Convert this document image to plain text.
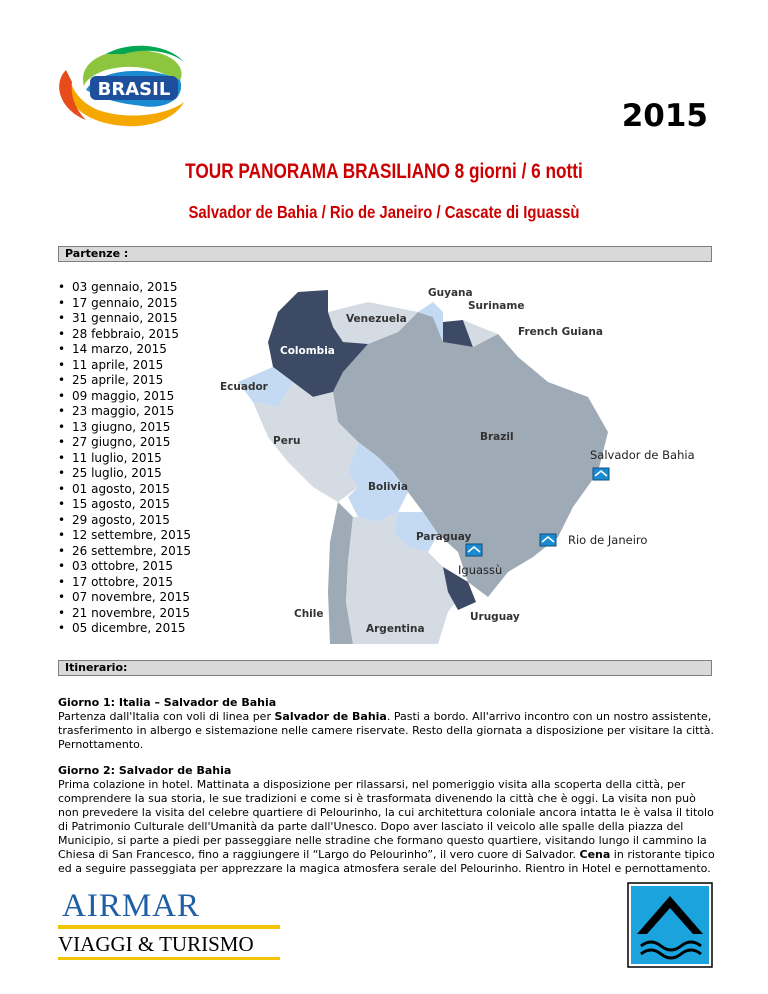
BRASIL
2015
TOUR PANORAMA BRASILIANO 8 giorni / 6 notti
Salvador de Bahia / Rio de Janeiro / Cascate di Iguassù
Partenze :
• 03 gennaio, 2015
• 17 gennaio, 2015
• 31 gennaio, 2015
• 28 febbraio, 2015
• 14 marzo, 2015
• 11 aprile, 2015
• 25 aprile, 2015
• 09 maggio, 2015
• 23 maggio, 2015
• 13 giugno, 2015
• 27 giugno, 2015
• 11 luglio, 2015
• 25 luglio, 2015
• 01 agosto, 2015
• 15 agosto, 2015
• 29 agosto, 2015
• 12 settembre, 2015
• 26 settembre, 2015
• 03 ottobre, 2015
• 17 ottobre, 2015
• 07 novembre, 2015
• 21 novembre, 2015
• 05 dicembre, 2015
Guyana
Suriname
French Guiana
Venezuela
Colombia
Ecuador
Peru	Brazil
Bolivia
Paraguay
Chile
Argentina
Uruguay
Salvador de Bahia
Rio de Janeiro
Iguassù
Itinerario:
Giorno 1: Italia – Salvador de Bahia
Partenza dall'Italia con voli di linea per Salvador de Bahia. Pasti a bordo. All'arrivo incontro con un nostro assistente, trasferimento in albergo e sistemazione nelle camere riservate. Resto della giornata a disposizione per visitare la città. Pernottamento.
Giorno 2: Salvador de Bahia
Prima colazione in hotel. Mattinata a disposizione per rilassarsi, nel pomeriggio visita alla scoperta della città, per comprendere la sua storia, le sue tradizioni e come si è trasformata divenendo la città che è oggi. La visita non può non prevedere la visita del celebre quartiere di Pelourinho, la cui architettura coloniale ancora intatta le è valsa il titolo di Patrimonio Culturale dell'Umanità da parte dall'Unesco. Dopo aver lasciato il veicolo alle spalle della piazza del Municipio, si parte a piedi per passeggiare nelle stradine che formano questo quartiere, visitando lungo il cammino la Chiesa di San Francesco, fino a raggiungere il “Largo do Pelourinho”, il vero cuore di Salvador. Cena in ristorante tipico ed a seguire passeggiata per apprezzare la magica atmosfera serale del Pelourinho. Rientro in Hotel e pernottamento.
AIRMAR
VIAGGI & TURISMO
